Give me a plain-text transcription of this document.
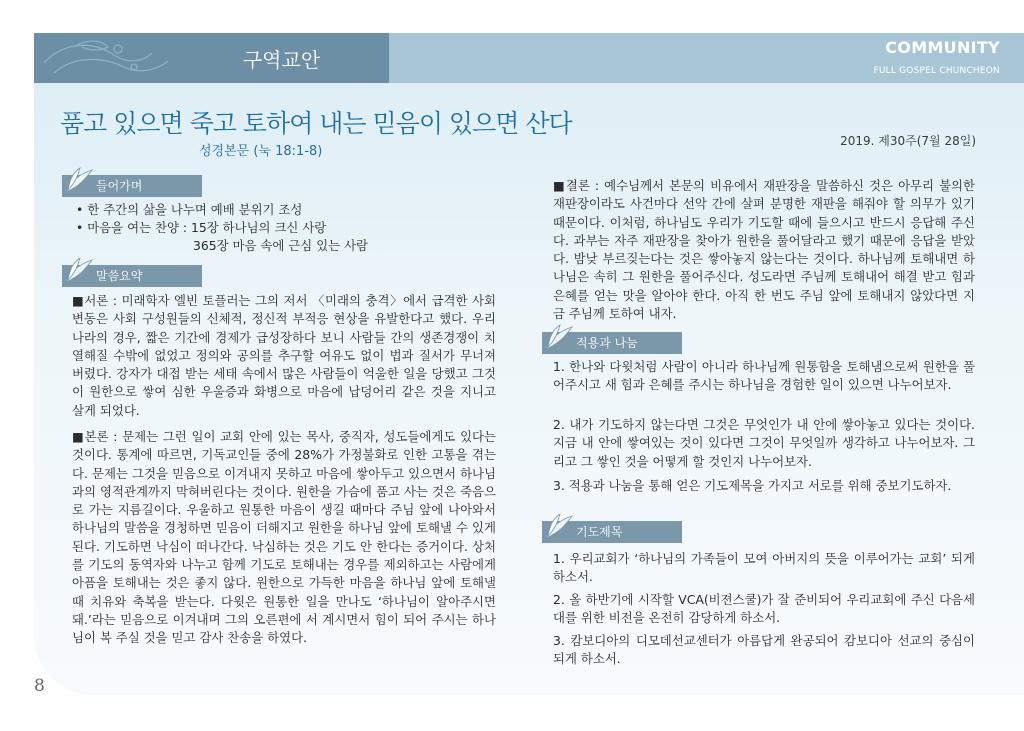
구역교안
COMMUNITY
FULL GOSPEL CHUNCHEON
품고 있으면 죽고 토하여 내는 믿음이 있으면 산다
성경본문 (눅 18:1-8)
2019. 제30주(7월 28일)
들어가며
• 한 주간의 삶을 나누며 예배 분위기 조성
• 마음을 여는 찬양 : 15장 하나님의 크신 사랑
365장 마음 속에 근심 있는 사람
말씀요약
■서론 : 미래학자 엘빈 토플러는 그의 저서 〈미래의 충격〉에서 급격한 사회변동은 사회 구성원들의 신체적, 정신적 부적응 현상을 유발한다고 했다. 우리나라의 경우, 짧은 기간에 경제가 급성장하다 보니 사람들 간의 생존경쟁이 치열해질 수밖에 없었고 정의와 공의를 추구할 여유도 없이 법과 질서가 무너져 버렸다. 강자가 대접 받는 세태 속에서 많은 사람들이 억울한 일을 당했고 그것이 원한으로 쌓여 심한 우울증과 화병으로 마음에 납덩어리 같은 것을 지니고 살게 되었다.
■본론 : 문제는 그런 일이 교회 안에 있는 목사, 중직자, 성도들에게도 있다는 것이다. 통계에 따르면, 기독교인들 중에 28%가 가정불화로 인한 고통을 겪는다. 문제는 그것을 믿음으로 이겨내지 못하고 마음에 쌓아두고 있으면서 하나님과의 영적관계까지 막혀버린다는 것이다. 원한을 가슴에 품고 사는 것은 죽음으로 가는 지름길이다. 우울하고 원통한 마음이 생길 때마다 주님 앞에 나아와서 하나님의 말씀을 경청하면 믿음이 더해지고 원한을 하나님 앞에 토해낼 수 있게 된다. 기도하면 낙심이 떠나간다. 낙심하는 것은 기도 안 한다는 증거이다. 상처를 기도의 동역자와 나누고 함께 기도로 토해내는 경우를 제외하고는 사람에게 아픔을 토해내는 것은 좋지 않다. 원한으로 가득한 마음을 하나님 앞에 토해낼 때 치유와 축복을 받는다. 다윗은 원통한 일을 만나도 ‘하나님이 알아주시면 돼.’라는 믿음으로 이겨내며 그의 오른편에 서 계시면서 힘이 되어 주시는 하나님이 복 주실 것을 믿고 감사 찬송을 하였다.
■결론 : 예수님께서 본문의 비유에서 재판장을 말씀하신 것은 아무리 불의한 재판장이라도 사건마다 선악 간에 살펴 분명한 재판을 해줘야 할 의무가 있기 때문이다. 이처럼, 하나님도 우리가 기도할 때에 들으시고 반드시 응답해 주신다. 과부는 자주 재판장을 찾아가 원한을 풀어달라고 했기 때문에 응답을 받았다. 밤낮 부르짖는다는 것은 쌓아놓지 않는다는 것이다. 하나님께 토해내면 하나님은 속히 그 원한을 풀어주신다. 성도라면 주님께 토해내어 해결 받고 힘과 은혜를 얻는 맛을 알아야 한다. 아직 한 번도 주님 앞에 토해내지 않았다면 지금 주님께 토하여 내자.
적용과 나눔
1. 한나와 다윗처럼 사람이 아니라 하나님께 원통함을 토해냄으로써 원한을 풀어주시고 새 힘과 은혜를 주시는 하나님을 경험한 일이 있으면 나누어보자.
2. 내가 기도하지 않는다면 그것은 무엇인가 내 안에 쌓아놓고 있다는 것이다. 지금 내 안에 쌓여있는 것이 있다면 그것이 무엇일까 생각하고 나누어보자. 그리고 그 쌓인 것을 어떻게 할 것인지 나누어보자.
3. 적용과 나눔을 통해 얻은 기도제목을 가지고 서로를 위해 중보기도하자.
기도제목
1. 우리교회가 ‘하나님의 가족들이 모여 아버지의 뜻을 이루어가는 교회’ 되게 하소서.
2. 올 하반기에 시작할 VCA(비젼스쿨)가 잘 준비되어 우리교회에 주신 다음세대를 위한 비전을 온전히 감당하게 하소서.
3. 캄보디아의 디모데선교센터가 아름답게 완공되어 캄보디아 선교의 중심이 되게 하소서.
8
